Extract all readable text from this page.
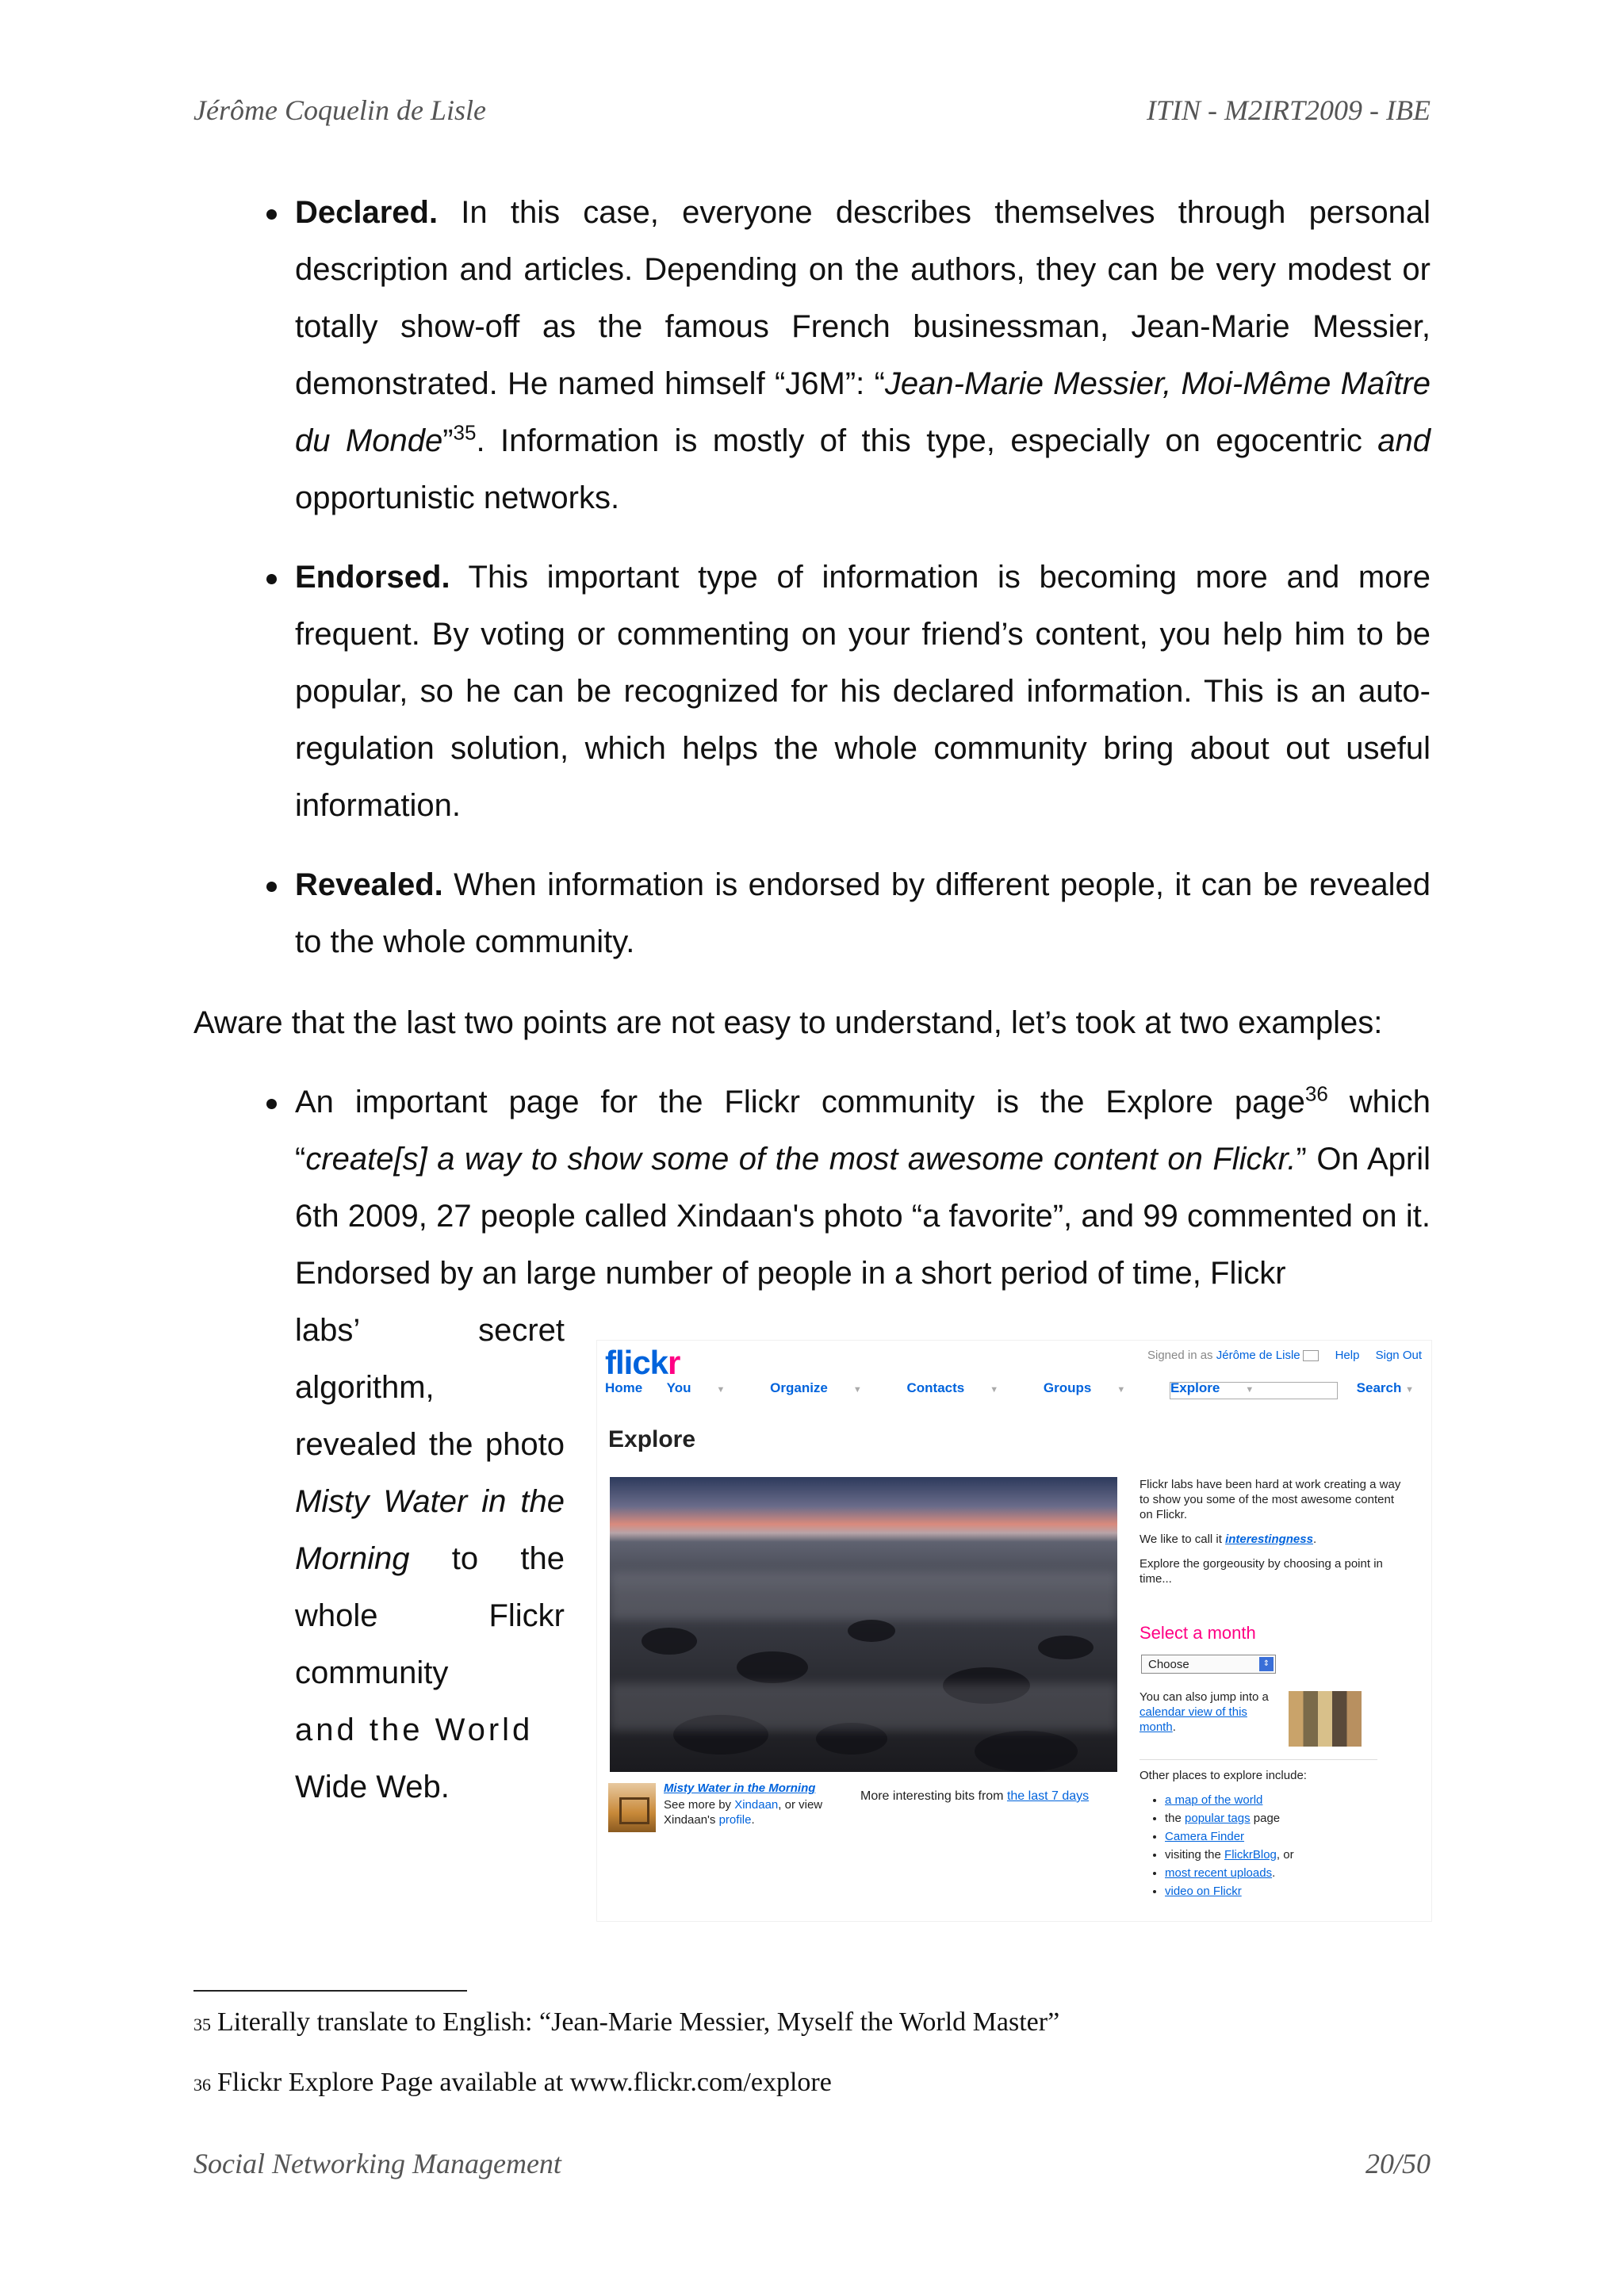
Jérôme Coquelin de Lisle	ITIN - M2IRT2009 - IBE
Declared. In this case, everyone describes themselves through personal description and articles. Depending on the authors, they can be very modest or totally show-off as the famous French businessman, Jean-Marie Messier, demonstrated. He named himself “J6M”: “Jean-Marie Messier, Moi-Même Maître du Monde”$^{35}$. Information is mostly of this type, especially on egocentric and opportunistic networks.
Endorsed. This important type of information is becoming more and more frequent. By voting or commenting on your friend’s content, you help him to be popular, so he can be recognized for his declared information. This is an auto-regulation solution, which helps the whole community bring about out useful information.
Revealed. When information is endorsed by different people, it can be revealed to the whole community.
Aware that the last two points are not easy to understand, let’s took at two examples:
An important page for the Flickr community is the Explore page$^{36}$ which “create[s] a way to show some of the most awesome content on Flickr.” On April 6th 2009, 27 people called Xindaan's photo “a favorite”, and 99 commented on it. Endorsed by an large number of people in a short period of time, Flickr
labs’ secret algorithm, revealed the photo Misty Water in the Morning to the whole Flickr community
and the World
Wide Web.
flickr	Signed in as Jérôme de Lisle	Help Sign Out
Home You	▼	Organize	▼	Contacts	▼	Groups	▼	Explore	▼	Search ▼
Explore
Misty Water in the Morning
See more by Xindaan, or view Xindaan's profile.
More interesting bits from the last 7 days

Flickr labs have been hard at work creating a way to show you some of the most awesome content on Flickr.

We like to call it interestingness.

Explore the gorgeousity by choosing a point in time...

Select a month
Choose	⇕
You can also jump into a calendar view of this month.
Other places to explore include:
• a map of the world
• the popular tags page
• Camera Finder
• visiting the FlickrBlog, or
• most recent uploads.
• video on Flickr
35 Literally translate to English: “Jean-Marie Messier, Myself the World Master”
36 Flickr Explore Page available at www.flickr.com/explore
Social Networking Management	20/50
